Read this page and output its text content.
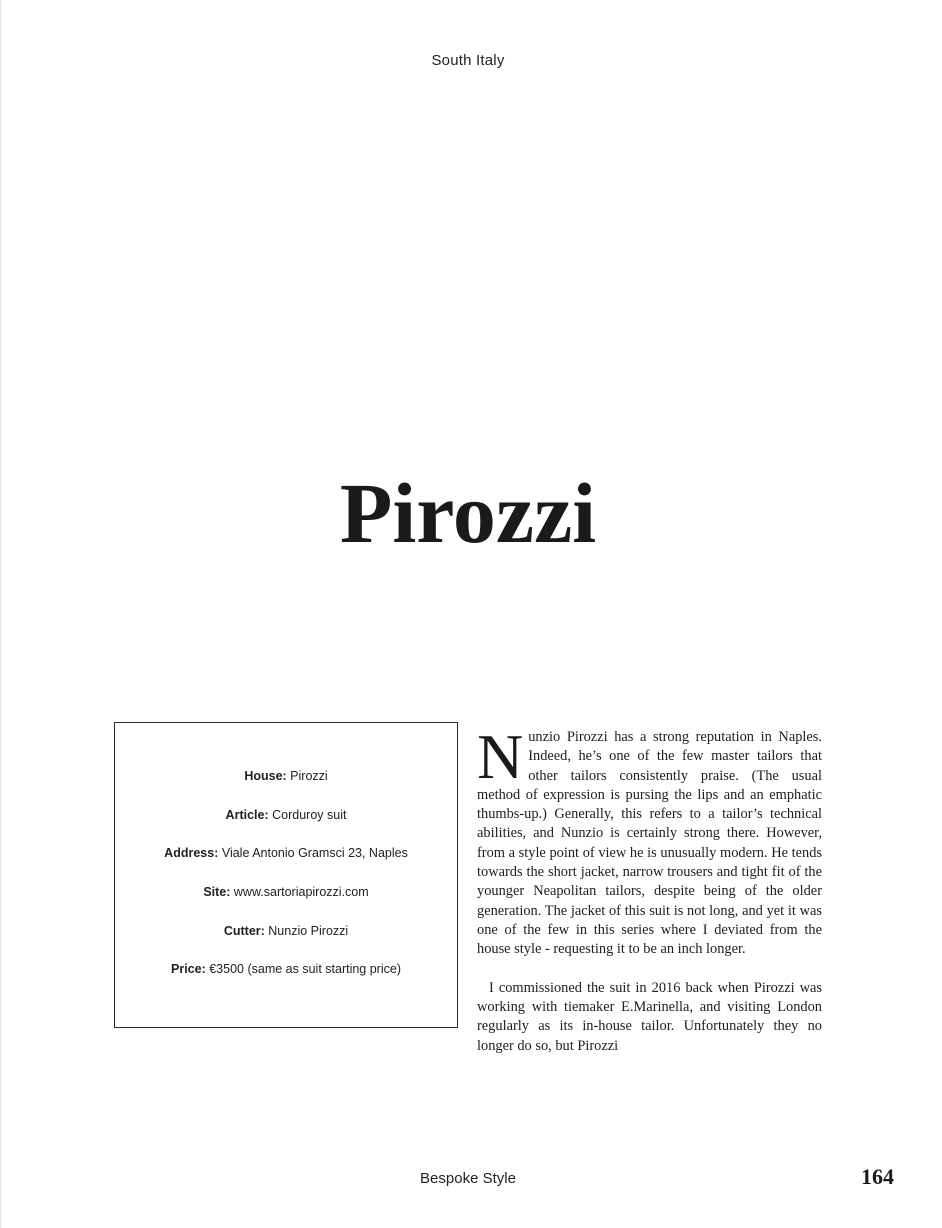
South Italy
Pirozzi
House: Pirozzi
Article: Corduroy suit
Address: Viale Antonio Gramsci 23, Naples
Site: www.sartoriapirozzi.com
Cutter: Nunzio Pirozzi
Price: €3500 (same as suit starting price)

Nunzio Pirozzi has a strong reputation in Naples. Indeed, he’s one of the few master tailors that other tailors consistently praise. (The usual method of expression is pursing the lips and an emphatic thumbs-up.) Generally, this refers to a tailor’s technical abilities, and Nunzio is certainly strong there. However, from a style point of view he is unusually modern. He tends towards the short jacket, narrow trousers and tight fit of the younger Neapolitan tailors, despite being of the older generation. The jacket of this suit is not long, and yet it was one of the few in this series where I deviated from the house style - requesting it to be an inch longer.

I commissioned the suit in 2016 back when Pirozzi was working with tiemaker E.Marinella, and visiting London regularly as its in-house tailor. Unfortunately they no longer do so, but Pirozzi

Bespoke Style	164
